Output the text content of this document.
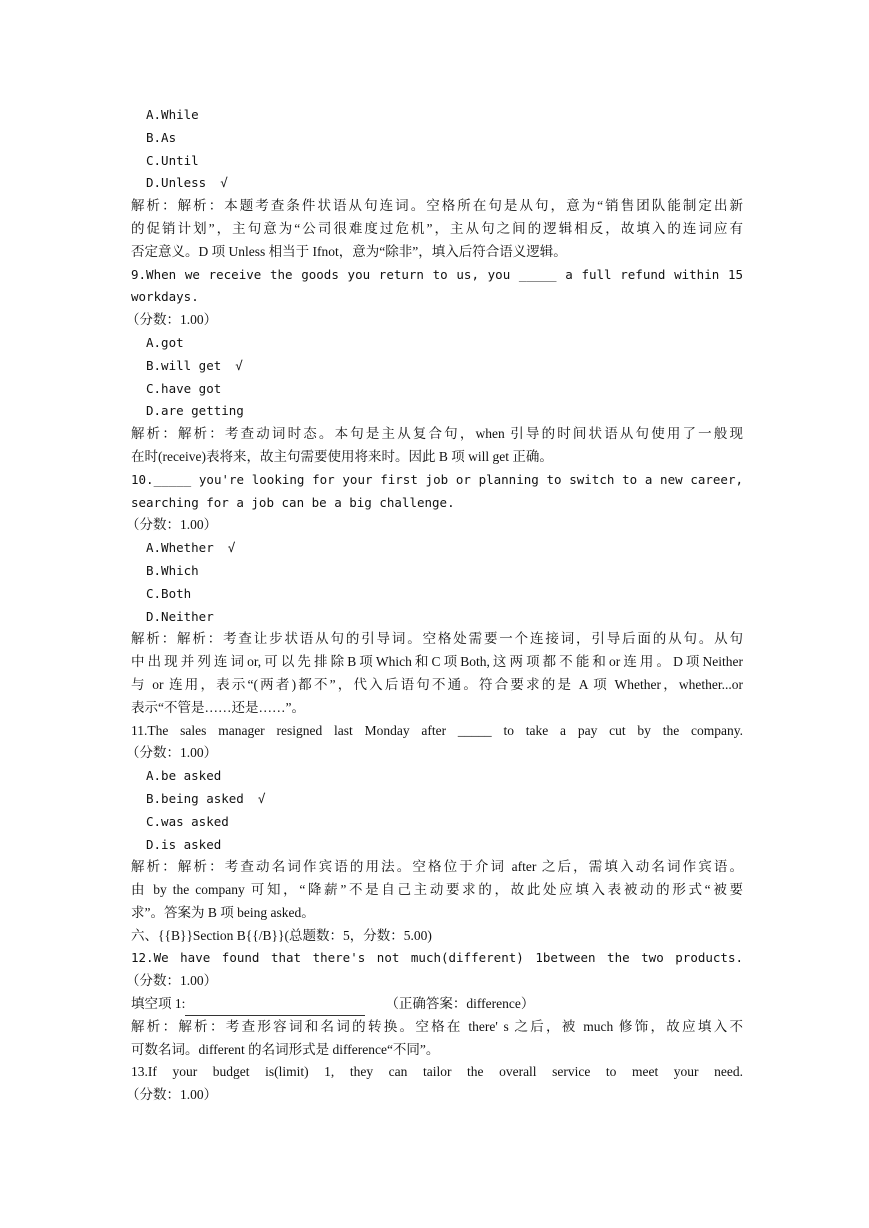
A.While
B.As
C.Until
D.Unless √
解析：解析：本题考查条件状语从句连词。空格所在句是从句，意为“销售团队能制定出新
的促销计划”，主句意为“公司很难度过危机”，主从句之间的逻辑相反，故填入的连词应有
否定意义。D 项 Unless 相当于 Ifnot，意为“除非”，填入后符合语义逻辑。
9.When we receive the goods you return to us, you _____ a full refund within 15
workdays.
（分数：1.00）
A.got
B.will get √
C.have got
D.are getting
解析：解析：考查动词时态。本句是主从复合句，when 引导的时间状语从句使用了一般现
在时(receive)表将来，故主句需要使用将来时。因此 B 项 will get 正确。
10._____ you're looking for your first job or planning to switch to a new career,
searching for a job can be a big challenge.
（分数：1.00）
A.Whether √
B.Which
C.Both
D.Neither
解析：解析：考查让步状语从句的引导词。空格处需要一个连接词，引导后面的从句。从句
中出现并列连词or,可以先排除B项Which和C项Both,这两项都不能和or连用。D项Neither
与 or 连用，表示“(两者)都不”，代入后语句不通。符合要求的是 A 项 Whether，whether...or
表示“不管是……还是……”。
11.The sales manager resigned last Monday after _____ to take a pay cut by the company.
（分数：1.00）
A.be asked
B.being asked √
C.was asked
D.is asked
解析：解析：考查动名词作宾语的用法。空格位于介词 after 之后，需填入动名词作宾语。
由 by the company 可知，“降薪”不是自己主动要求的，故此处应填入表被动的形式“被要
求”。答案为 B 项 being asked。
六、{{B}}Section B{{/B}}(总题数：5，分数：5.00)
12.We have found that there's not much(different) 1between the two products.
（分数：1.00）
填空项 1:	（正确答案：difference）
解析：解析：考查形容词和名词的转换。空格在 there' s 之后，被 much 修饰，故应填入不
可数名词。different 的名词形式是 difference“不同”。
13.If your budget is(limit) 1, they can tailor the overall service to meet your need.
（分数：1.00）
